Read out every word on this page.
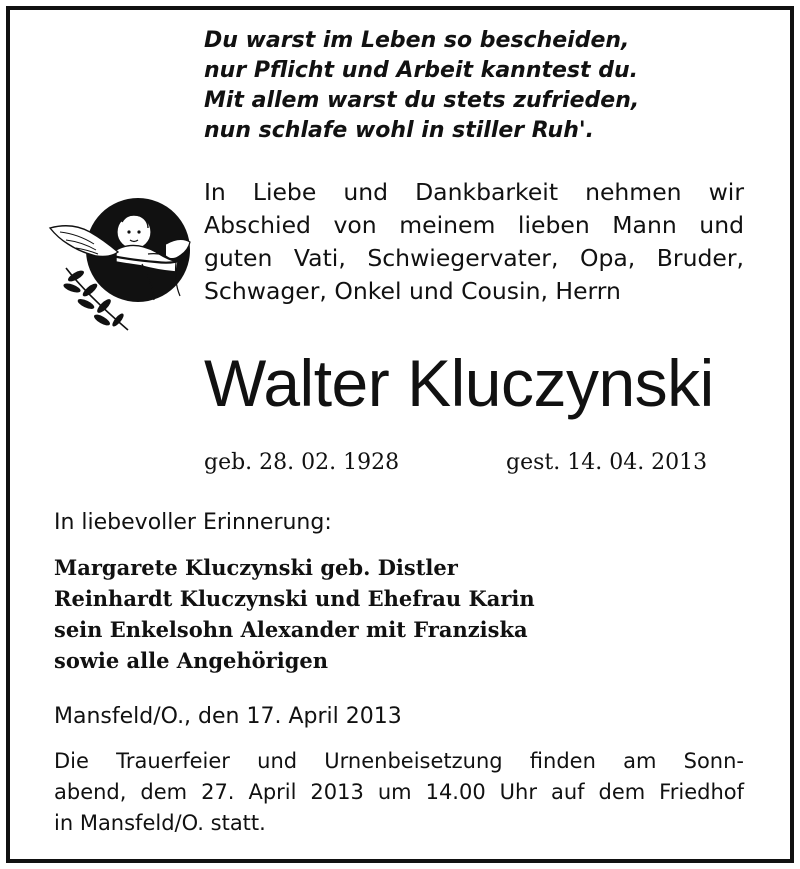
Du warst im Leben so bescheiden,
nur Pflicht und Arbeit kanntest du.
Mit allem warst du stets zufrieden,
nun schlafe wohl in stiller Ruh'.
In Liebe und Dankbarkeit nehmen wir
Abschied von meinem lieben Mann und
guten Vati, Schwiegervater, Opa, Bruder,
Schwager, Onkel und Cousin, Herrn
Walter Kluczynski
geb. 28. 02. 1928	gest. 14. 04. 2013
In liebevoller Erinnerung:
Margarete Kluczynski geb. Distler
Reinhardt Kluczynski und Ehefrau Karin
sein Enkelsohn Alexander mit Franziska
sowie alle Angehörigen
Mansfeld/O., den 17. April 2013
Die Trauerfeier und Urnenbeisetzung finden am Sonn-
abend, dem 27. April 2013 um 14.00 Uhr auf dem Friedhof
in Mansfeld/O. statt.
